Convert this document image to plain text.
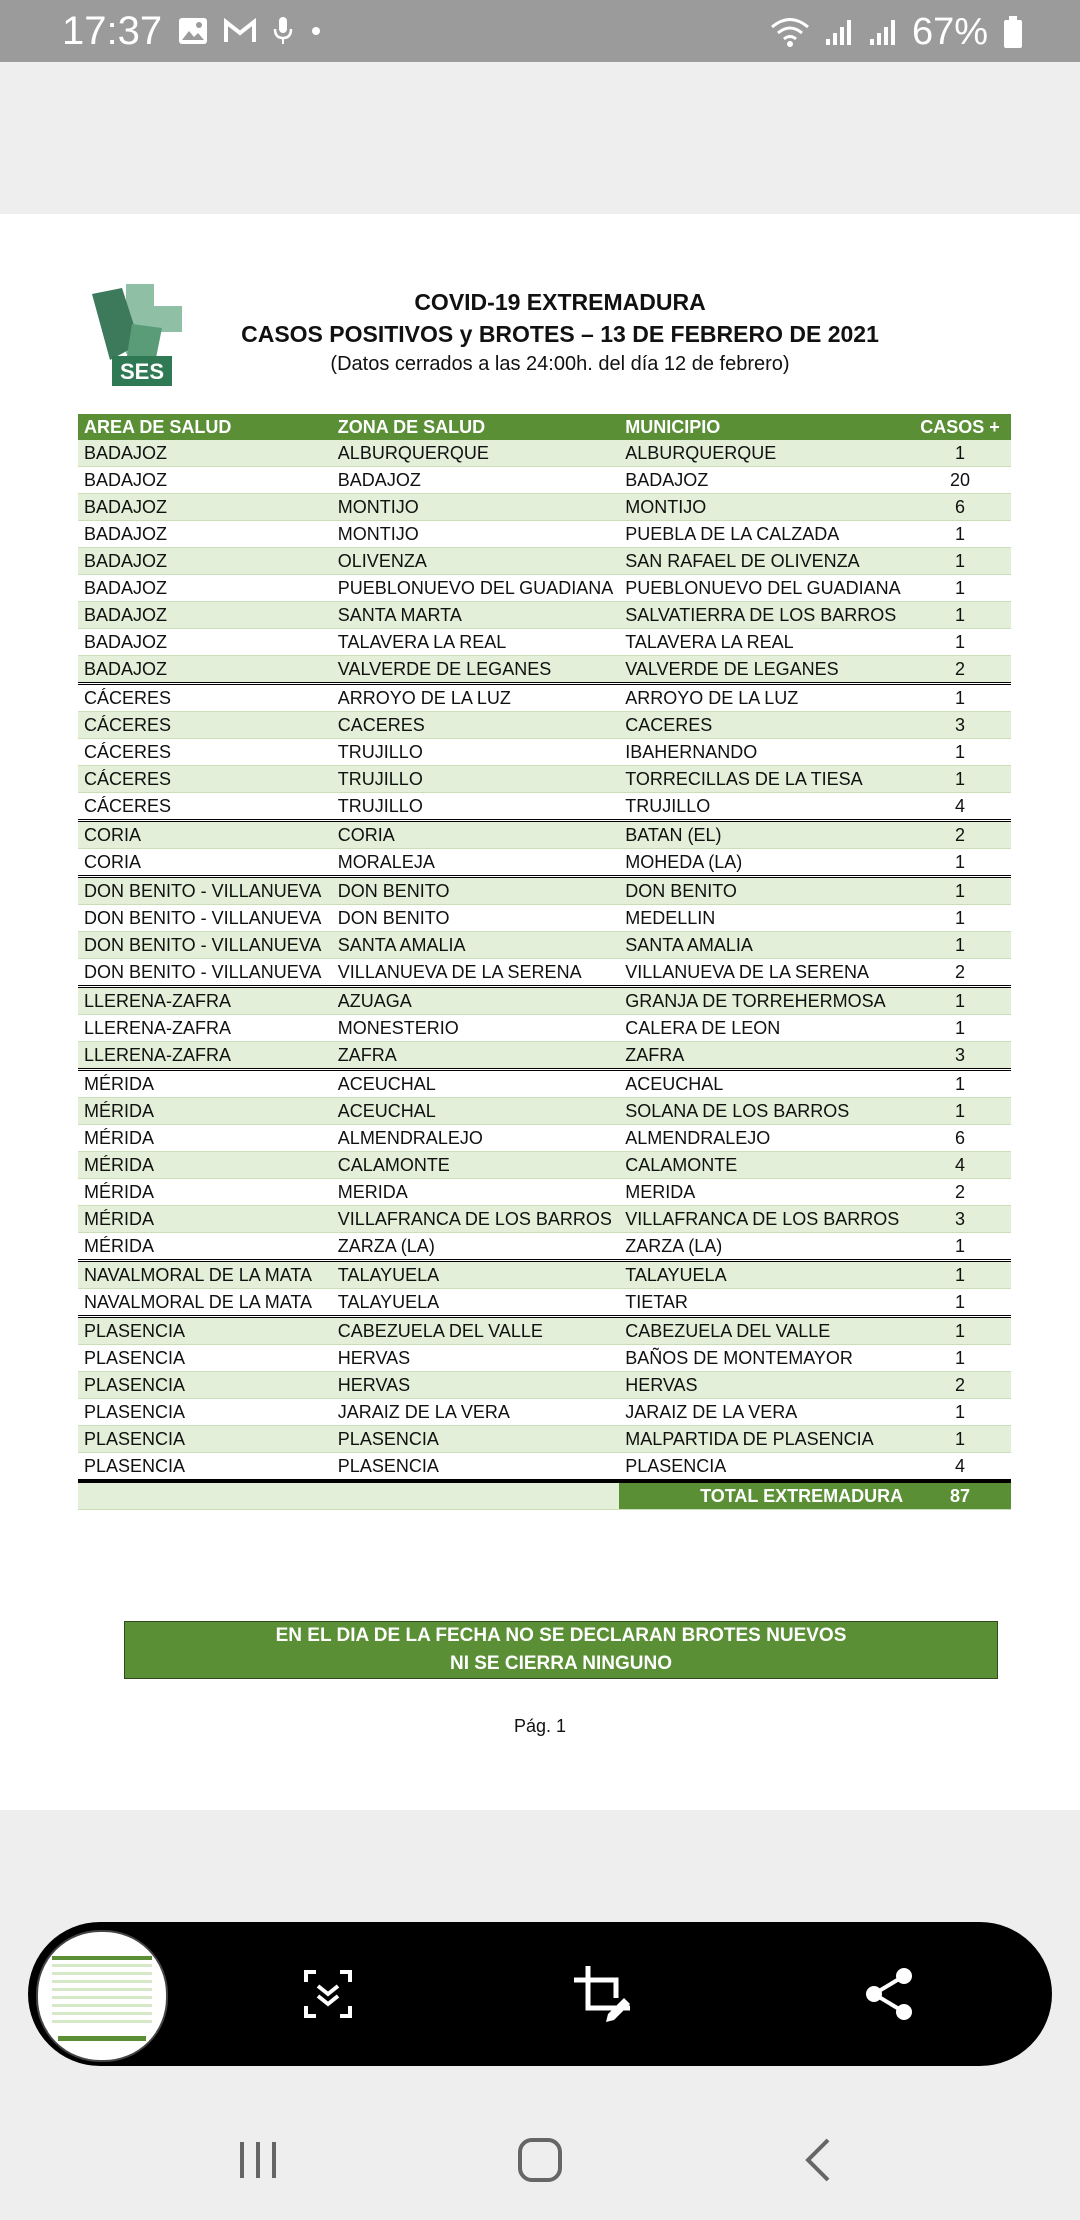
17:37	67%
SES
COVID-19 EXTREMADURA
CASOS POSITIVOS y BROTES – 13 DE FEBRERO DE 2021
(Datos cerrados a las 24:00h. del día 12 de febrero)
AREA DE SALUD	ZONA DE SALUD	MUNICIPIO	CASOS +
BADAJOZ	ALBURQUERQUE	ALBURQUERQUE	1
BADAJOZ	BADAJOZ	BADAJOZ	20
BADAJOZ	MONTIJO	MONTIJO	6
BADAJOZ	MONTIJO	PUEBLA DE LA CALZADA	1
BADAJOZ	OLIVENZA	SAN RAFAEL DE OLIVENZA	1
BADAJOZ	PUEBLONUEVO DEL GUADIANA	PUEBLONUEVO DEL GUADIANA	1
BADAJOZ	SANTA MARTA	SALVATIERRA DE LOS BARROS	1
BADAJOZ	TALAVERA LA REAL	TALAVERA LA REAL	1
BADAJOZ	VALVERDE DE LEGANES	VALVERDE DE LEGANES	2
CÁCERES	ARROYO DE LA LUZ	ARROYO DE LA LUZ	1
CÁCERES	CACERES	CACERES	3
CÁCERES	TRUJILLO	IBAHERNANDO	1
CÁCERES	TRUJILLO	TORRECILLAS DE LA TIESA	1
CÁCERES	TRUJILLO	TRUJILLO	4
CORIA	CORIA	BATAN (EL)	2
CORIA	MORALEJA	MOHEDA (LA)	1
DON BENITO - VILLANUEVA	DON BENITO	DON BENITO	1
DON BENITO - VILLANUEVA	DON BENITO	MEDELLIN	1
DON BENITO - VILLANUEVA	SANTA AMALIA	SANTA AMALIA	1
DON BENITO - VILLANUEVA	VILLANUEVA DE LA SERENA	VILLANUEVA DE LA SERENA	2
LLERENA-ZAFRA	AZUAGA	GRANJA DE TORREHERMOSA	1
LLERENA-ZAFRA	MONESTERIO	CALERA DE LEON	1
LLERENA-ZAFRA	ZAFRA	ZAFRA	3
MÉRIDA	ACEUCHAL	ACEUCHAL	1
MÉRIDA	ACEUCHAL	SOLANA DE LOS BARROS	1
MÉRIDA	ALMENDRALEJO	ALMENDRALEJO	6
MÉRIDA	CALAMONTE	CALAMONTE	4
MÉRIDA	MERIDA	MERIDA	2
MÉRIDA	VILLAFRANCA DE LOS BARROS	VILLAFRANCA DE LOS BARROS	3
MÉRIDA	ZARZA (LA)	ZARZA (LA)	1
NAVALMORAL DE LA MATA	TALAYUELA	TALAYUELA	1
NAVALMORAL DE LA MATA	TALAYUELA	TIETAR	1
PLASENCIA	CABEZUELA DEL VALLE	CABEZUELA DEL VALLE	1
PLASENCIA	HERVAS	BAÑOS DE MONTEMAYOR	1
PLASENCIA	HERVAS	HERVAS	2
PLASENCIA	JARAIZ DE LA VERA	JARAIZ DE LA VERA	1
PLASENCIA	PLASENCIA	MALPARTIDA DE PLASENCIA	1
PLASENCIA	PLASENCIA	PLASENCIA	4
		TOTAL EXTREMADURA	87
EN EL DIA DE LA FECHA NO SE DECLARAN BROTES NUEVOS
NI SE CIERRA NINGUNO
Pág. 1
